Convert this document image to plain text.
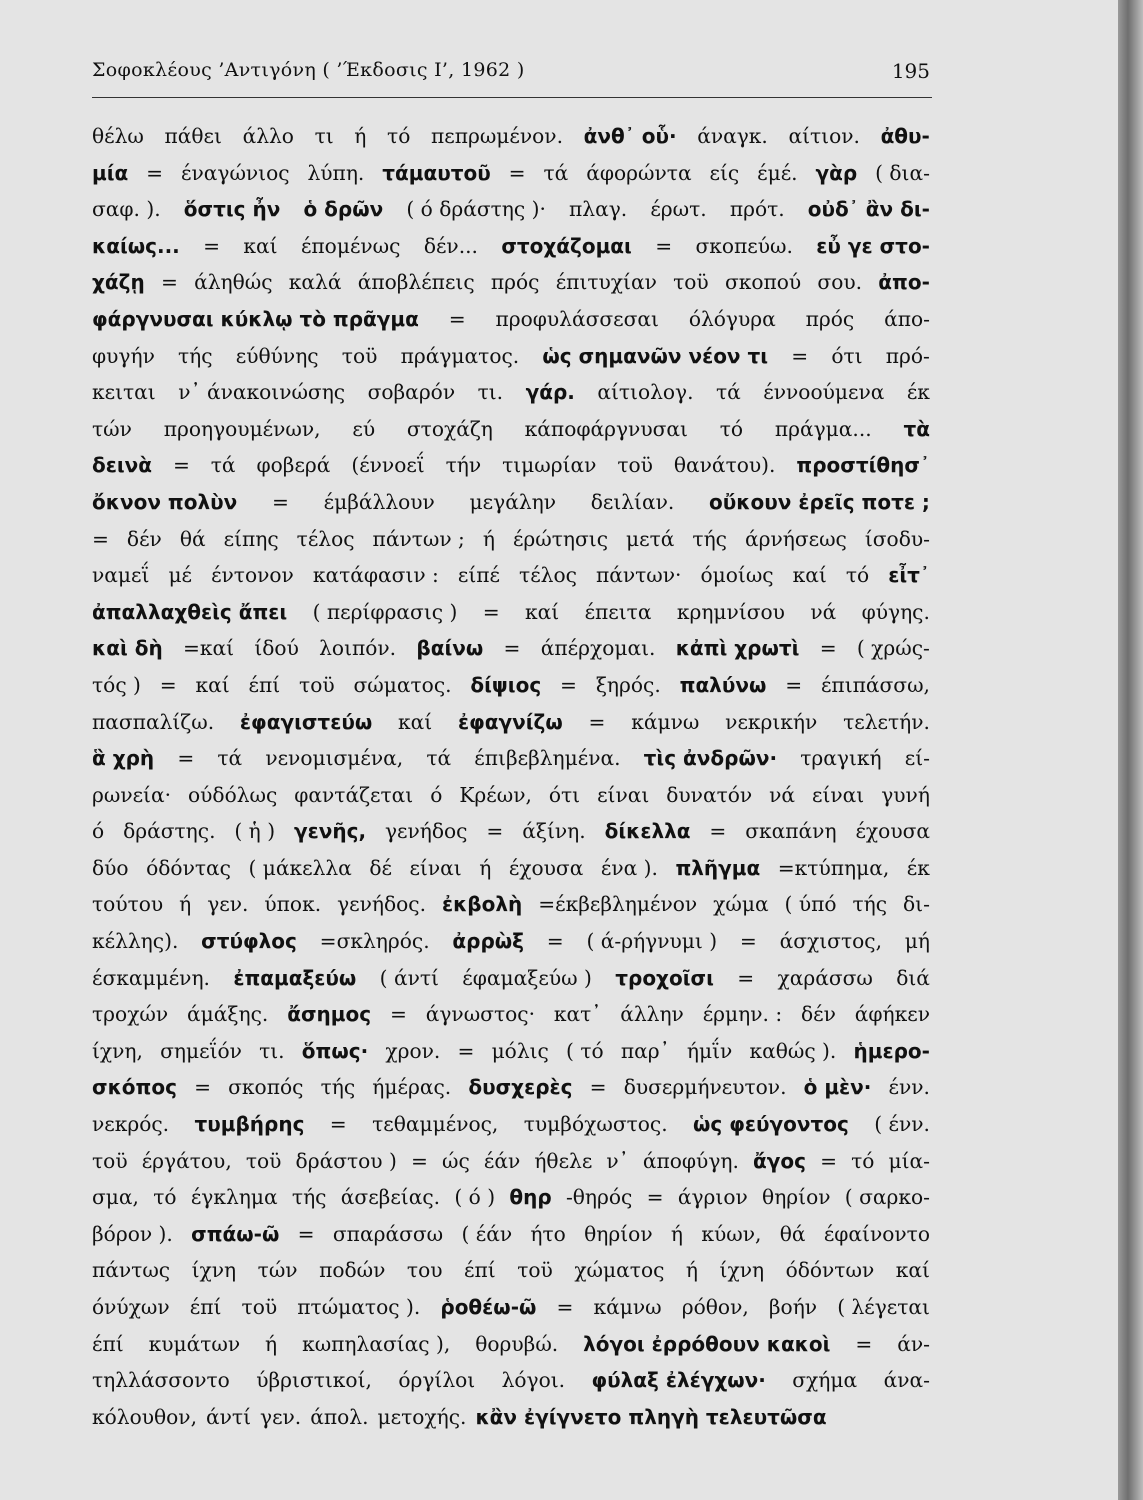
Σοφοκλέους ’Αντιγόνη ( ’Έκδοσις Ι’, 1962 )	195
θέλω πάθει άλλο τι ή τό πεπρωμένον. ἀνθ᾽ οὗ· άναγκ. αίτιον. ἀθυ-
μία = έναγώνιος λύπη. τάμαυτοῦ = τά άφορώντα είς έμέ. γὰρ ( δια-
σαφ. ). ὅστις ἦν ὁ δρῶν ( ό δράστης )· πλαγ. έρωτ. πρότ. οὐδ᾽ ἂν δι-
καίως... = καί έπομένως δέν... στοχάζομαι = σκοπεύω. εὖ γε στο-
χάζῃ = άληθώς καλά άποβλέπεις πρός έπιτυχίαν τοϋ σκοπού σου. ἀπο-
φάργνυσαι κύκλῳ τὸ πρᾶγμα = προφυλάσσεσαι όλόγυρα πρός άπο-
φυγήν τής εύθύνης τοϋ πράγματος. ὡς σημανῶν νέον τι = ότι πρό-
κειται ν᾽ άνακοινώσης σοβαρόν τι. γάρ. αίτιολογ. τά έννοούμενα έκ
τών προηγουμένων, εύ στοχάζη κάποφάργνυσαι τό πράγμα... τὰ
δεινὰ = τά φοβερά (έννοεΐ τήν τιμωρίαν τοϋ θανάτου). προστίθησ᾽
ὄκνον πολὺν = έμβάλλουν μεγάλην δειλίαν. οὔκουν ἐρεῖς ποτε ;
= δέν θά είπης τέλος πάντων ; ή έρώτησις μετά τής άρνήσεως ίσοδυ-
ναμεΐ μέ έντονον κατάφασιν : είπέ τέλος πάντων· όμοίως καί τό εἶτ᾽
ἀπαλλαχθεὶς ἄπει ( περίφρασις ) = καί έπειτα κρημνίσου νά φύγης.
καὶ δὴ =καί ίδού λοιπόν. βαίνω = άπέρχομαι. κἀπὶ χρωτὶ = ( χρώς-
τός ) = καί έπί τοϋ σώματος. δίψιος = ξηρός. παλύνω = έπιπάσσω,
πασπαλίζω. ἐφαγιστεύω καί ἐφαγνίζω = κάμνω νεκρικήν τελετήν.
ἃ χρὴ = τά νενομισμένα, τά έπιβεβλημένα. τὶς ἀνδρῶν· τραγική εί-
ρωνεία· ούδόλως φαντάζεται ό Κρέων, ότι είναι δυνατόν νά είναι γυνή
ό δράστης. ( ἡ ) γενῆς, γενήδος = άξίνη. δίκελλα = σκαπάνη έχουσα
δύο όδόντας ( μάκελλα δέ είναι ή έχουσα ένα ). πλῆγμα =κτύπημα, έκ
τούτου ή γεν. ύποκ. γενήδος. ἐκβολὴ =έκβεβλημένον χώμα ( ύπό τής δι-
κέλλης). στύφλος =σκληρός. ἀρρὼξ = ( ά-ρήγνυμι ) = άσχιστος, μή
έσκαμμένη. ἐπαμαξεύω ( άντί έφαμαξεύω ) τροχοῖσι = χαράσσω διά
τροχών άμάξης. ἄσημος = άγνωστος· κατ᾽ άλλην έρμην. : δέν άφήκεν
ίχνη, σημεΐόν τι. ὅπως· χρον. = μόλις ( τό παρ᾽ ήμΐν καθώς ). ἡμερο-
σκόπος = σκοπός τής ήμέρας. δυσχερὲς = δυσερμήνευτον. ὁ μὲν· ένν.
νεκρός. τυμβήρης = τεθαμμένος, τυμβόχωστος. ὡς φεύγοντος ( ένν.
τοϋ έργάτου, τοϋ δράστου ) = ώς έάν ήθελε ν᾽ άποφύγη. ἄγος = τό μία-
σμα, τό έγκλημα τής άσεβείας. ( ό ) θηρ -θηρός = άγριον θηρίον ( σαρκο-
βόρον ). σπάω-ῶ = σπαράσσω ( έάν ήτο θηρίον ή κύων, θά έφαίνοντο
πάντως ίχνη τών ποδών του έπί τοϋ χώματος ή ίχνη όδόντων καί
όνύχων έπί τοϋ πτώματος ). ῥοθέω-ῶ = κάμνω ρόθον, βοήν ( λέγεται
έπί κυμάτων ή κωπηλασίας ), θορυβώ. λόγοι ἐρρόθουν κακοὶ = άν-
τηλλάσσοντο ύβριστικοί, όργίλοι λόγοι. φύλαξ ἐλέγχων· σχήμα άνα-
κόλουθον, άντί γεν. άπολ. μετοχής. κἂν ἐγίγνετο πληγὴ τελευτῶσα
